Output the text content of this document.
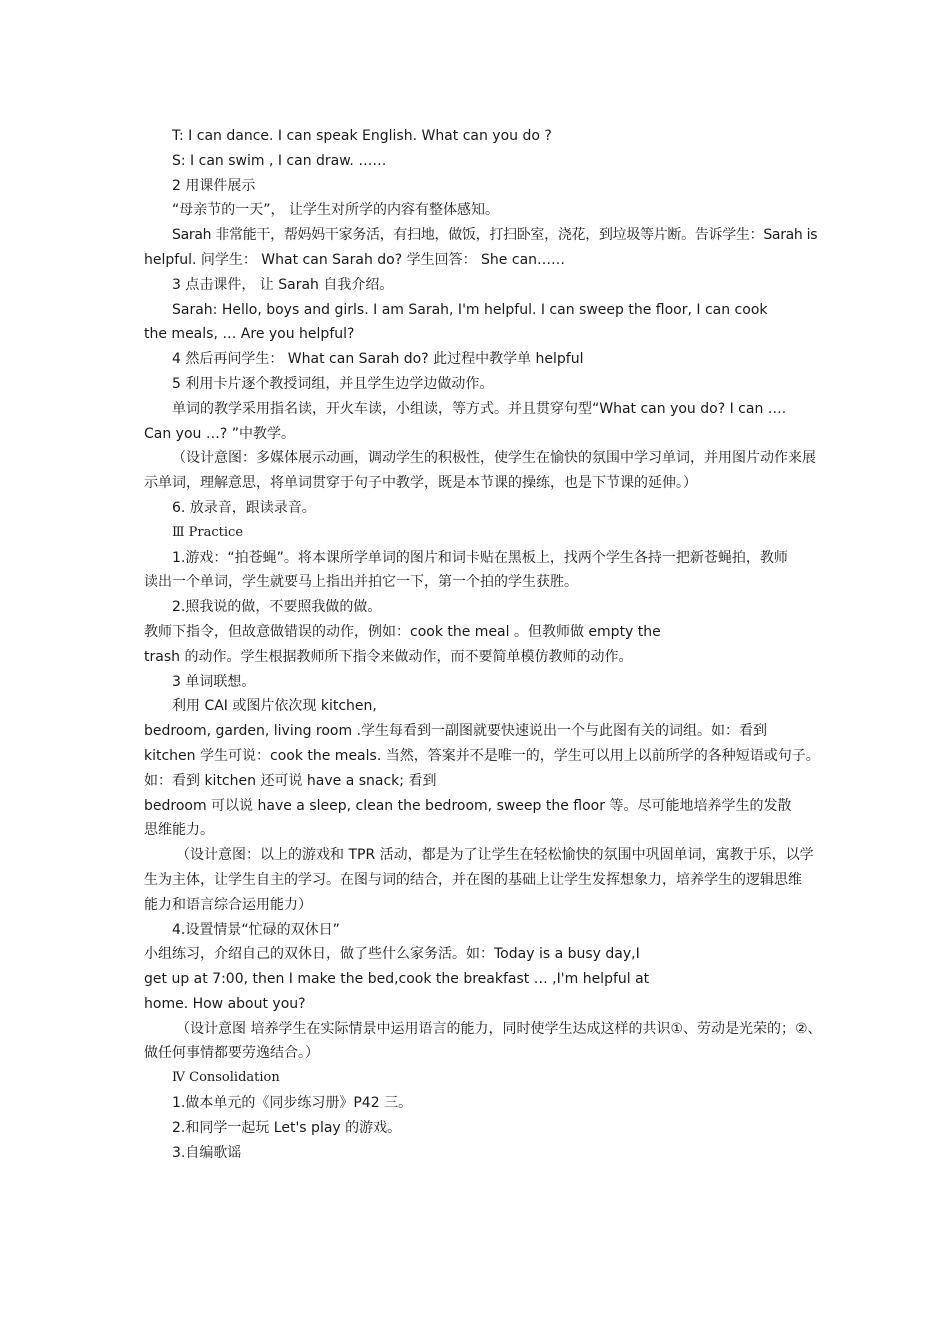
T: I can dance. I can speak English. What can you do ?
S: I can swim , I can draw. ……
2 用课件展示
“母亲节的一天”， 让学生对所学的内容有整体感知。
Sarah 非常能干，帮妈妈干家务活，有扫地，做饭，打扫卧室，浇花，到垃圾等片断。告诉学生：Sarah is
helpful. 问学生： What can Sarah do? 学生回答： She can……
3 点击课件， 让 Sarah 自我介绍。
Sarah: Hello, boys and girls. I am Sarah, I'm helpful. I can sweep the floor, I can cook
the meals, … Are you helpful?
4 然后再问学生： What can Sarah do? 此过程中教学单 helpful
5 利用卡片逐个教授词组，并且学生边学边做动作。
单词的教学采用指名读，开火车读，小组读，等方式。并且贯穿句型“What can you do? I can ….
Can you …? ”中教学。
（设计意图：多媒体展示动画，调动学生的积极性，使学生在愉快的氛围中学习单词，并用图片动作来展
示单词，理解意思，将单词贯穿于句子中教学，既是本节课的操练，也是下节课的延伸。）
6. 放录音，跟读录音。
Ⅲ Practice
1.游戏：“拍苍蝇”。将本课所学单词的图片和词卡贴在黑板上，找两个学生各持一把新苍蝇拍，教师
读出一个单词，学生就要马上指出并拍它一下，第一个拍的学生获胜。
2.照我说的做，不要照我做的做。
教师下指令，但故意做错误的动作，例如：cook the meal 。但教师做 empty the
trash 的动作。学生根据教师所下指令来做动作，而不要简单模仿教师的动作。
3 单词联想。
利用 CAI 或图片依次现 kitchen,
bedroom, garden, living room .学生每看到一副图就要快速说出一个与此图有关的词组。如：看到
kitchen 学生可说：cook the meals. 当然，答案并不是唯一的，学生可以用上以前所学的各种短语或句子。
如：看到 kitchen 还可说 have a snack; 看到
bedroom 可以说 have a sleep, clean the bedroom, sweep the floor 等。尽可能地培养学生的发散
思维能力。
（设计意图：以上的游戏和 TPR 活动，都是为了让学生在轻松愉快的氛围中巩固单词，寓教于乐，以学
生为主体，让学生自主的学习。在图与词的结合，并在图的基础上让学生发挥想象力，培养学生的逻辑思维
能力和语言综合运用能力）
4.设置情景“忙碌的双休日”
小组练习，介绍自己的双休日，做了些什么家务活。如：Today is a busy day,I
get up at 7:00, then I make the bed,cook the breakfast … ,I'm helpful at
home. How about you?
（设计意图 培养学生在实际情景中运用语言的能力，同时使学生达成这样的共识①、劳动是光荣的；②、
做任何事情都要劳逸结合。）
Ⅳ Consolidation
1.做本单元的《同步练习册》P42 三。
2.和同学一起玩 Let's play 的游戏。
3.自编歌谣
